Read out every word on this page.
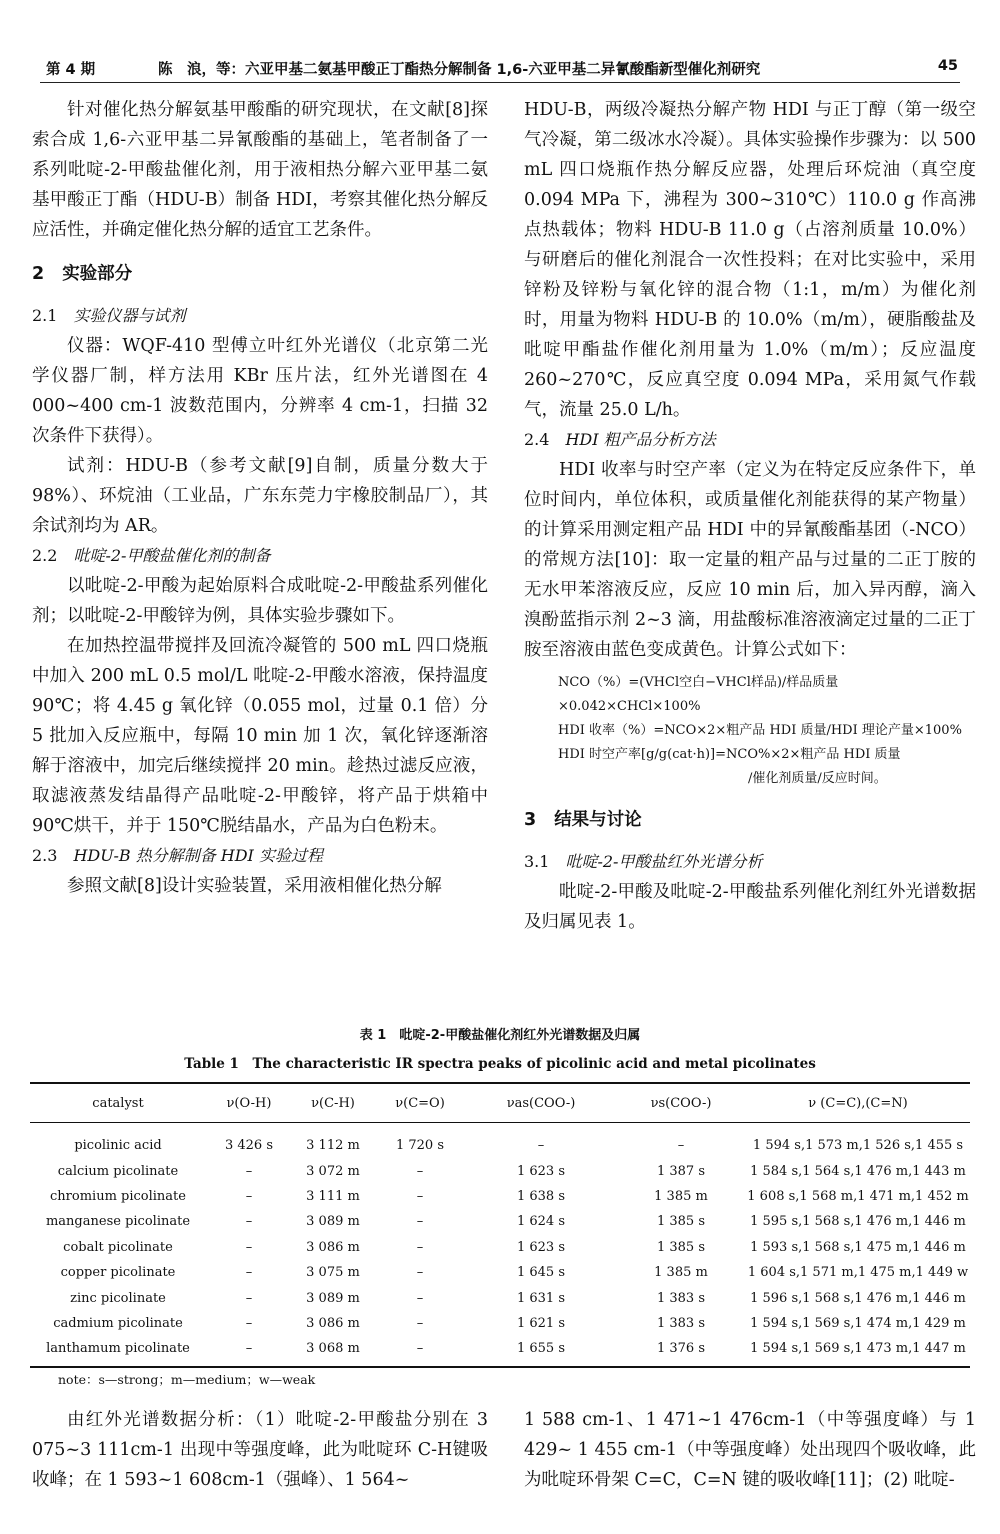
第 4 期	陈　浪，等：六亚甲基二氨基甲酸正丁酯热分解制备 1,6-六亚甲基二异氰酸酯新型催化剂研究	45

针对催化热分解氨基甲酸酯的研究现状，在文献[8]探索合成 1,6-六亚甲基二异氰酸酯的基础上，笔者制备了一系列吡啶-2-甲酸盐催化剂，用于液相热分解六亚甲基二氨基甲酸正丁酯（HDU-B）制备 HDI，考察其催化热分解反应活性，并确定催化热分解的适宜工艺条件。

2 实验部分
2.1 实验仪器与试剂

仪器：WQF-410 型傅立叶红外光谱仪（北京第二光学仪器厂制，样方法用 KBr 压片法，红外光谱图在 4 000~400 cm-1 波数范围内，分辨率 4 cm-1，扫描 32 次条件下获得）。

试剂：HDU-B（参考文献[9]自制，质量分数大于 98%）、环烷油（工业品，广东东莞力宇橡胶制品厂），其余试剂均为 AR。

2.2 吡啶-2-甲酸盐催化剂的制备

以吡啶-2-甲酸为起始原料合成吡啶-2-甲酸盐系列催化剂；以吡啶-2-甲酸锌为例，具体实验步骤如下。

在加热控温带搅拌及回流冷凝管的 500 mL 四口烧瓶中加入 200 mL 0.5 mol/L 吡啶-2-甲酸水溶液，保持温度 90℃；将 4.45 g 氧化锌（0.055 mol，过量 0.1 倍）分 5 批加入反应瓶中，每隔 10 min 加 1 次，氧化锌逐渐溶解于溶液中，加完后继续搅拌 20 min。趁热过滤反应液，取滤液蒸发结晶得产品吡啶-2-甲酸锌，将产品于烘箱中 90℃烘干，并于 150℃脱结晶水，产品为白色粉末。

2.3 HDU-B 热分解制备 HDI 实验过程

参照文献[8]设计实验装置，采用液相催化热分解

HDU-B，两级冷凝热分解产物 HDI 与正丁醇（第一级空气冷凝，第二级冰水冷凝）。具体实验操作步骤为：以 500 mL 四口烧瓶作热分解反应器，处理后环烷油（真空度 0.094 MPa 下，沸程为 300~310℃）110.0 g 作高沸点热载体；物料 HDU-B 11.0 g（占溶剂质量 10.0%）与研磨后的催化剂混合一次性投料；在对比实验中，采用锌粉及锌粉与氧化锌的混合物（1:1，m/m）为催化剂时，用量为物料 HDU-B 的 10.0%（m/m），硬脂酸盐及吡啶甲酯盐作催化剂用量为 1.0%（m/m）；反应温度 260~270℃，反应真空度 0.094 MPa，采用氮气作载气，流量 25.0 L/h。

2.4 HDI 粗产品分析方法

HDI 收率与时空产率（定义为在特定反应条件下，单位时间内，单位体积，或质量催化剂能获得的某产物量）的计算采用测定粗产品 HDI 中的异氰酸酯基团（-NCO）的常规方法[10]：取一定量的粗产品与过量的二正丁胺的无水甲苯溶液反应，反应 10 min 后，加入异丙醇，滴入溴酚蓝指示剂 2~3 滴，用盐酸标准溶液滴定过量的二正丁胺至溶液由蓝色变成黄色。计算公式如下：

NCO（%）=(VHCl空白−VHCl样品)/样品质量×0.042×CHCl×100%
HDI 收率（%）=NCO×2×粗产品 HDI 质量/HDI 理论产量×100%
HDI 时空产率[g/g(cat·h)]=NCO%×2×粗产品 HDI 质量
/催化剂质量/反应时间。
3 结果与讨论
3.1 吡啶-2-甲酸盐红外光谱分析

吡啶-2-甲酸及吡啶-2-甲酸盐系列催化剂红外光谱数据及归属见表 1。

表 1　吡啶-2-甲酸盐催化剂红外光谱数据及归属
Table 1　The characteristic IR spectra peaks of picolinic acid and metal picolinates
catalyst	ν(O-H)	ν(C-H)	ν(C=O)	νas(COO-)	νs(COO-)	ν (C=C),(C=N)
picolinic acid	3 426 s	3 112 m	1 720 s	–	–	1 594 s,1 573 m,1 526 s,1 455 s
calcium picolinate	–	3 072 m	–	1 623 s	1 387 s	1 584 s,1 564 s,1 476 m,1 443 m
chromium picolinate	–	3 111 m	–	1 638 s	1 385 m	1 608 s,1 568 m,1 471 m,1 452 m
manganese picolinate	–	3 089 m	–	1 624 s	1 385 s	1 595 s,1 568 s,1 476 m,1 446 m
cobalt picolinate	–	3 086 m	–	1 623 s	1 385 s	1 593 s,1 568 s,1 475 m,1 446 m
copper picolinate	–	3 075 m	–	1 645 s	1 385 m	1 604 s,1 571 m,1 475 m,1 449 w
zinc picolinate	–	3 089 m	–	1 631 s	1 383 s	1 596 s,1 568 s,1 476 m,1 446 m
cadmium picolinate	–	3 086 m	–	1 621 s	1 383 s	1 594 s,1 569 s,1 474 m,1 429 m
lanthamum picolinate	–	3 068 m	–	1 655 s	1 376 s	1 594 s,1 569 s,1 473 m,1 447 m
note：s—strong；m—medium；w—weak

由红外光谱数据分析：（1）吡啶-2-甲酸盐分别在 3 075~3 111cm-1 出现中等强度峰，此为吡啶环 C-H键吸收峰；在 1 593~1 608cm-1（强峰）、1 564~

1 588 cm-1、1 471~1 476cm-1（中等强度峰）与 1 429~ 1 455 cm-1（中等强度峰）处出现四个吸收峰，此为吡啶环骨架 C=C，C=N 键的吸收峰[11]；(2) 吡啶-
